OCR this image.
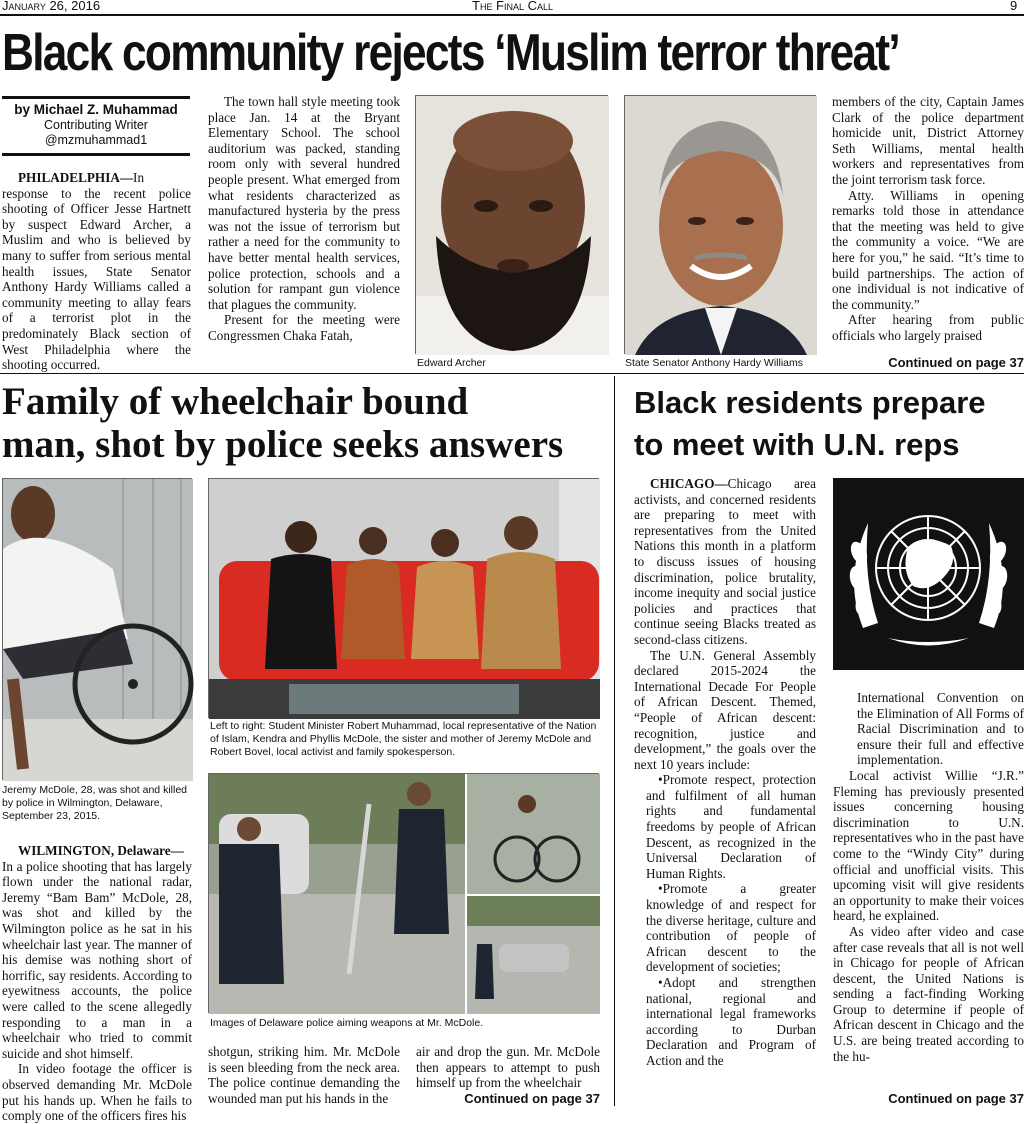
January 26, 2016	The Final Call	9
Black community rejects ‘Muslim terror threat’
by Michael Z. Muhammad
Contributing Writer
@mzmuhammad1

PHILADELPHIA—In response to the recent police shooting of Officer Jesse Hartnett by suspect Edward Archer, a Muslim and who is believed by many to suffer from serious mental health issues, State Senator Anthony Hardy Williams called a community meeting to allay fears of a terrorist plot in the predominately Black section of West Philadelphia where the shooting occurred.

The town hall style meeting took place Jan. 14 at the Bryant Elementary School. The school auditorium was packed, standing room only with several hundred people present. What emerged from what residents characterized as manufactured hysteria by the press was not the issue of terrorism but rather a need for the community to have better mental health services, police protection, schools and a solution for rampant gun violence that plagues the community.

Present for the meeting were Congressmen Chaka Fatah,

Edward Archer	State Senator Anthony Hardy Williams

members of the city, Captain James Clark of the police department homicide unit, District Attorney Seth Williams, mental health workers and representatives from the joint terrorism task force.

Atty. Williams in opening remarks told those in attendance that the meeting was held to give the community a voice. “We are here for you,” he said. “It’s time to build partnerships. The action of one individual is not indicative of the community.”

After hearing from public officials who largely praised

Continued on page 37
Family of wheelchair bound
man, shot by police seeks answers
Jeremy McDole, 28, was shot and killed by police in Wilmington, Delaware, September 23, 2015.
Left to right: Student Minister Robert Muhammad, local representative of the Nation of Islam, Kendra and Phyllis McDole, the sister and mother of Jeremy McDole and Robert Bovel, local activist and family spokesperson.
Images of Delaware police aiming weapons at Mr. McDole.

WILMINGTON, Delaware—

In a police shooting that has largely flown under the national radar, Jeremy “Bam Bam” McDole, 28, was shot and killed by the Wilmington police as he sat in his wheelchair last year. The manner of his demise was nothing short of horrific, say residents. According to eyewitness accounts, the police were called to the scene allegedly responding to a man in a wheelchair who tried to commit suicide and shot himself.

In video footage the officer is observed demanding Mr. McDole put his hands up. When he fails to comply one of the officers fires his

shotgun, striking him. Mr. McDole is seen bleeding from the neck area. The police continue demanding the wounded man put his hands in the

air and drop the gun. Mr. McDole then appears to attempt to push himself up from the wheelchair

Continued on page 37
Black residents prepare
to meet with U.N. reps

CHICAGO—Chicago area activists, and concerned residents are preparing to meet with representatives from the United Nations this month in a platform to discuss issues of housing discrimination, police brutality, income inequity and social justice policies and practices that continue seeing Blacks treated as second-class citizens.

The U.N. General Assembly declared 2015-2024 the International Decade For People of African Descent. Themed, “People of African descent: recognition, justice and development,” the goals over the next 10 years include:

•Promote respect, protection and fulfilment of all human rights and fundamental freedoms by people of African Descent, as recognized in the Universal Declaration of Human Rights.

•Promote a greater knowledge of and respect for the diverse heritage, culture and contribution of people of African descent to the development of societies;

•Adopt and strengthen national, regional and international legal frameworks according to Durban Declaration and Program of Action and the

International Convention on the Elimination of All Forms of Racial Discrimination and to ensure their full and effective implementation.

Local activist Willie “J.R.” Fleming has previously presented issues concerning housing discrimination to U.N. representatives who in the past have come to the “Windy City” during official and unofficial visits. This upcoming visit will give residents an opportunity to make their voices heard, he explained.

As video after video and case after case reveals that all is not well in Chicago for people of African descent, the United Nations is sending a fact-finding Working Group to determine if people of African descent in Chicago and the U.S. are being treated according to the hu-

Continued on page 37
